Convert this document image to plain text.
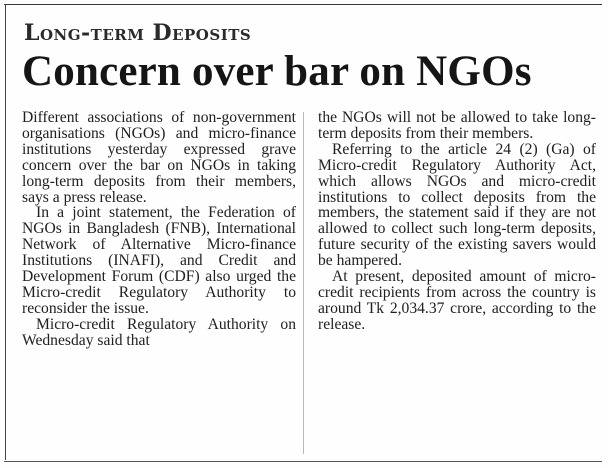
Long-term Deposits
Concern over bar on NGOs

Different associations of non-government organisations (NGOs) and micro-finance institutions yesterday expressed grave concern over the bar on NGOs in taking long-term deposits from their members, says a press release.

In a joint statement, the Federation of NGOs in Bangladesh (FNB), International Network of Alternative Micro-finance Institutions (INAFI), and Credit and Development Forum (CDF) also urged the Micro-credit Regulatory Authority to reconsider the issue.

Micro-credit Regulatory Authority on Wednesday said that

the NGOs will not be allowed to take long-term deposits from their members.

Referring to the article 24 (2) (Ga) of Micro-credit Regulatory Authority Act, which allows NGOs and micro-credit institutions to collect deposits from the members, the statement said if they are not allowed to collect such long-term deposits, future security of the existing savers would be hampered.

At present, deposited amount of micro-credit recipients from across the country is around Tk 2,034.37 crore, according to the release.
